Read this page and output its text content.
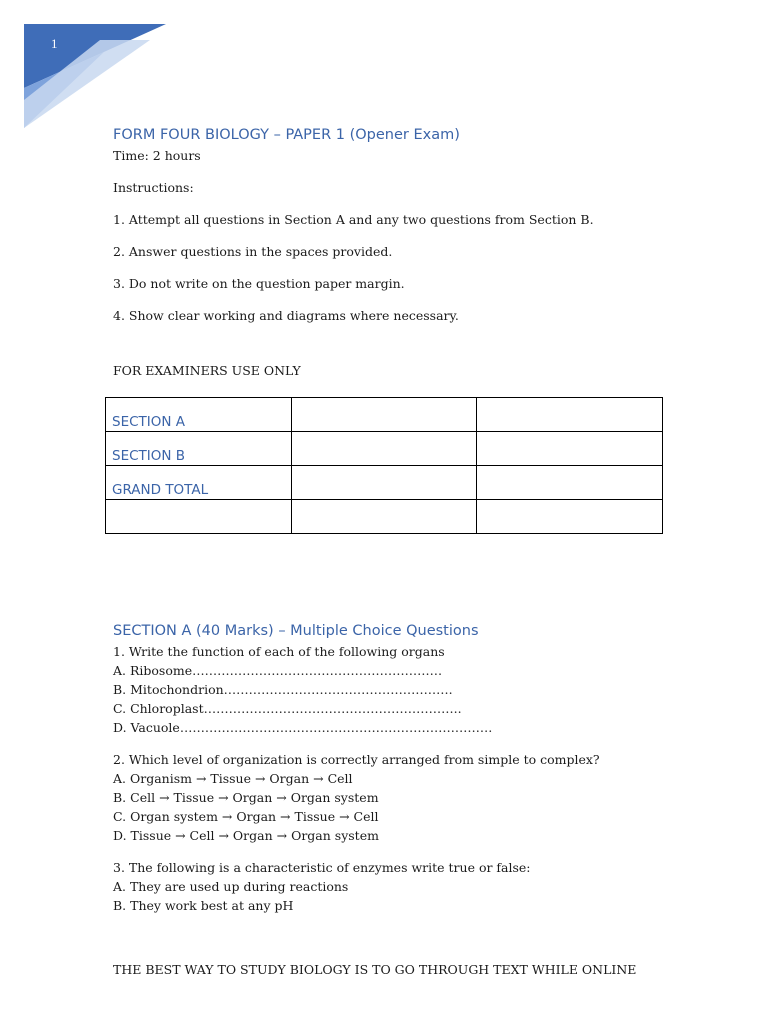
1

FORM FOUR BIOLOGY – PAPER 1 (Opener Exam)

Time: 2 hours

Instructions:

1. Attempt all questions in Section A and any two questions from Section B.

2. Answer questions in the spaces provided.

3. Do not write on the question paper margin.

4. Show clear working and diagrams where necessary.

FOR EXAMINERS USE ONLY

SECTION A		

SECTION B		

GRAND TOTAL		

SECTION A (40 Marks) – Multiple Choice Questions

1. Write the function of each of the following organs

A. Ribosome……………………………………………………

B. Mitochondrion……………………………………………….

C. Chloroplast……………………………………………………..

D. Vacuole…………………………………………………………………

2. Which level of organization is correctly arranged from simple to complex?

A. Organism → Tissue → Organ → Cell

B. Cell → Tissue → Organ → Organ system

C. Organ system → Organ → Tissue → Cell

D. Tissue → Cell → Organ → Organ system

3. The following is a characteristic of enzymes write true or false:

A. They are used up during reactions

B. They work best at any pH

THE BEST WAY TO STUDY BIOLOGY IS TO GO THROUGH TEXT WHILE ONLINE
